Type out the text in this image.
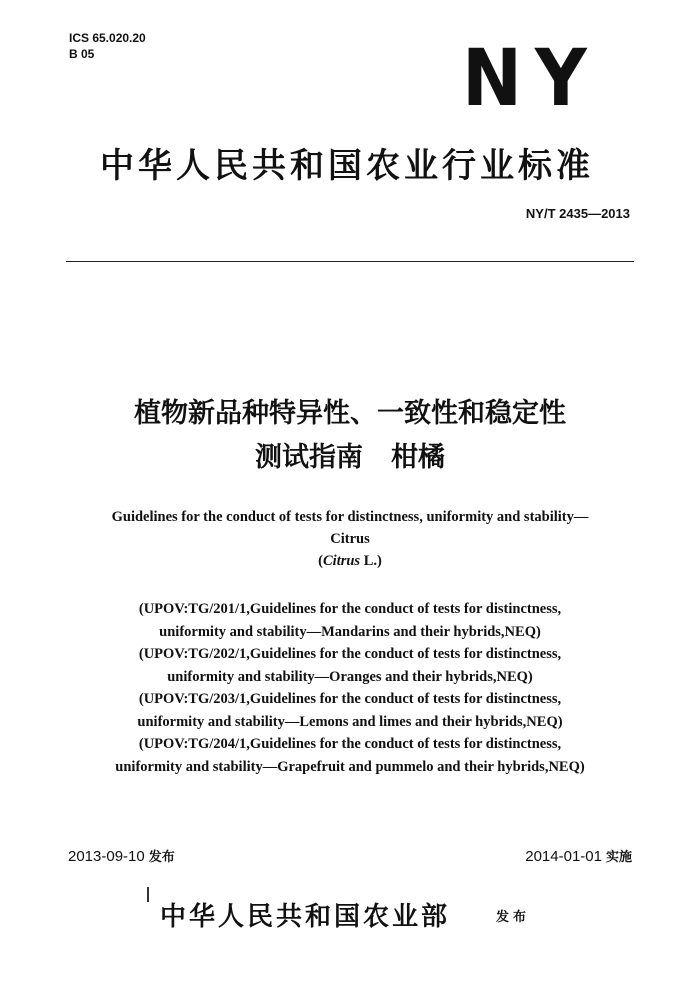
ICS 65.020.20
B 05	NY
中华人民共和国农业行业标准
NY/T 2435—2013
植物新品种特异性、一致性和稳定性
测试指南 柑橘
Guidelines for the conduct of tests for distinctness, uniformity and stability—
Citrus
(Citrus L.)
(UPOV:TG/201/1,Guidelines for the conduct of tests for distinctness,
uniformity and stability—Mandarins and their hybrids,NEQ)
(UPOV:TG/202/1,Guidelines for the conduct of tests for distinctness,
uniformity and stability—Oranges and their hybrids,NEQ)
(UPOV:TG/203/1,Guidelines for the conduct of tests for distinctness,
uniformity and stability—Lemons and limes and their hybrids,NEQ)
(UPOV:TG/204/1,Guidelines for the conduct of tests for distinctness,
uniformity and stability—Grapefruit and pummelo and their hybrids,NEQ)
2013-09-10 发布	2014-01-01 实施
中华人民共和国农业部	发布
